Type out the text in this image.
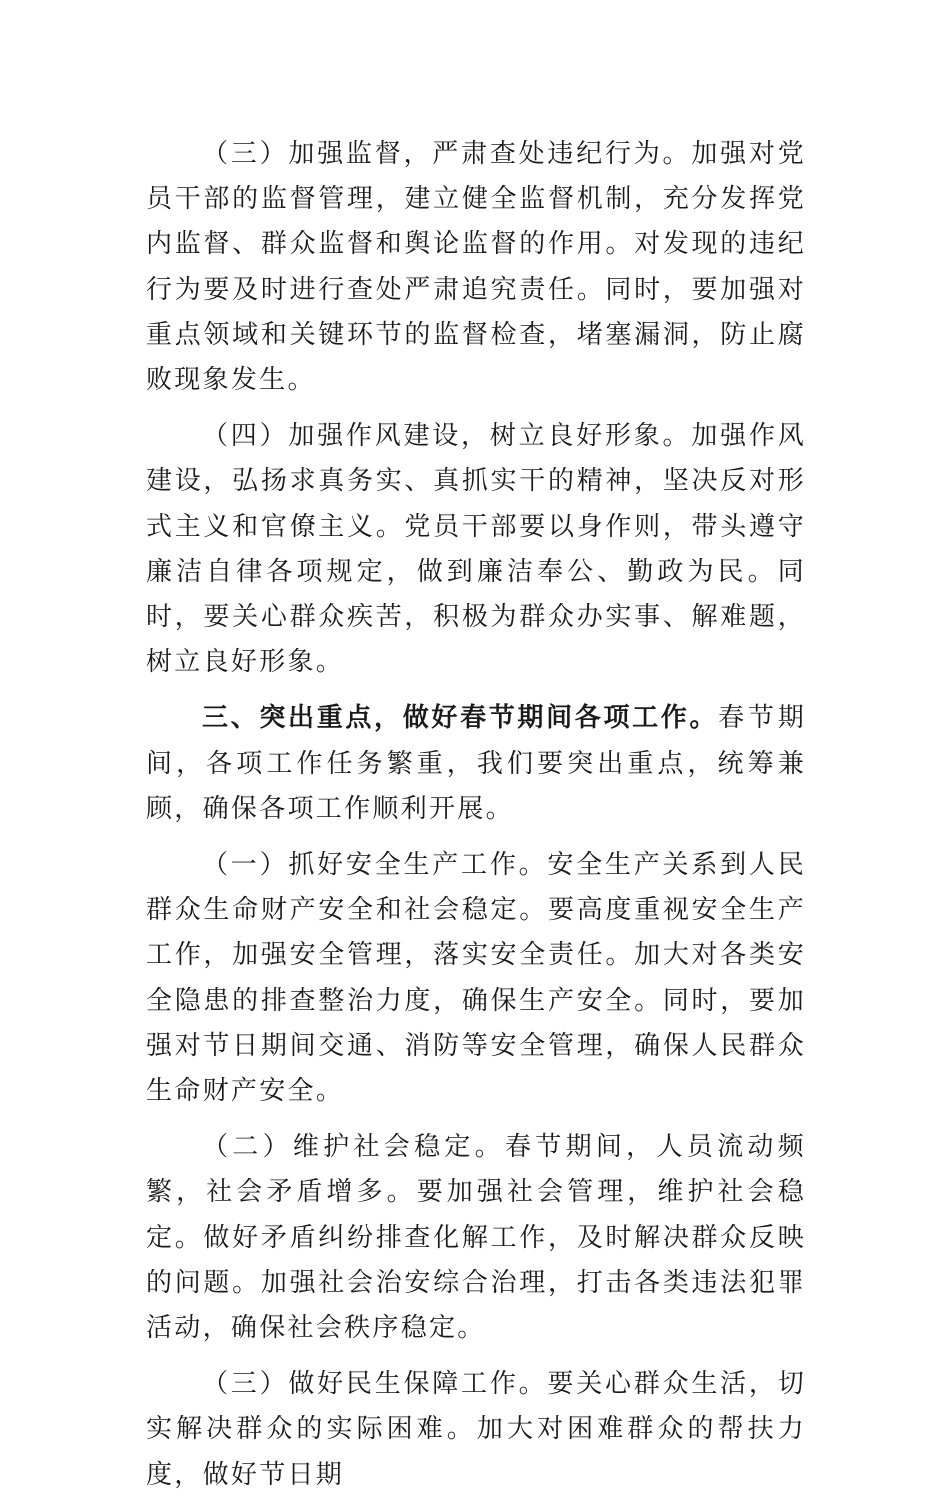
（三）加强监督，严肃查处违纪行为。加强对党员干部的监督管理，建立健全监督机制，充分发挥党内监督、群众监督和舆论监督的作用。对发现的违纪行为要及时进行查处严肃追究责任。同时，要加强对重点领域和关键环节的监督检查，堵塞漏洞，防止腐败现象发生。

（四）加强作风建设，树立良好形象。加强作风建设，弘扬求真务实、真抓实干的精神，坚决反对形式主义和官僚主义。党员干部要以身作则，带头遵守廉洁自律各项规定，做到廉洁奉公、勤政为民。同时，要关心群众疾苦，积极为群众办实事、解难题，树立良好形象。

三、突出重点，做好春节期间各项工作。春节期间，各项工作任务繁重，我们要突出重点，统筹兼顾，确保各项工作顺利开展。

（一）抓好安全生产工作。安全生产关系到人民群众生命财产安全和社会稳定。要高度重视安全生产工作，加强安全管理，落实安全责任。加大对各类安全隐患的排查整治力度，确保生产安全。同时，要加强对节日期间交通、消防等安全管理，确保人民群众生命财产安全。

（二）维护社会稳定。春节期间，人员流动频繁，社会矛盾增多。要加强社会管理，维护社会稳定。做好矛盾纠纷排查化解工作，及时解决群众反映的问题。加强社会治安综合治理，打击各类违法犯罪活动，确保社会秩序稳定。

（三）做好民生保障工作。要关心群众生活，切实解决群众的实际困难。加大对困难群众的帮扶力度，做好节日期
